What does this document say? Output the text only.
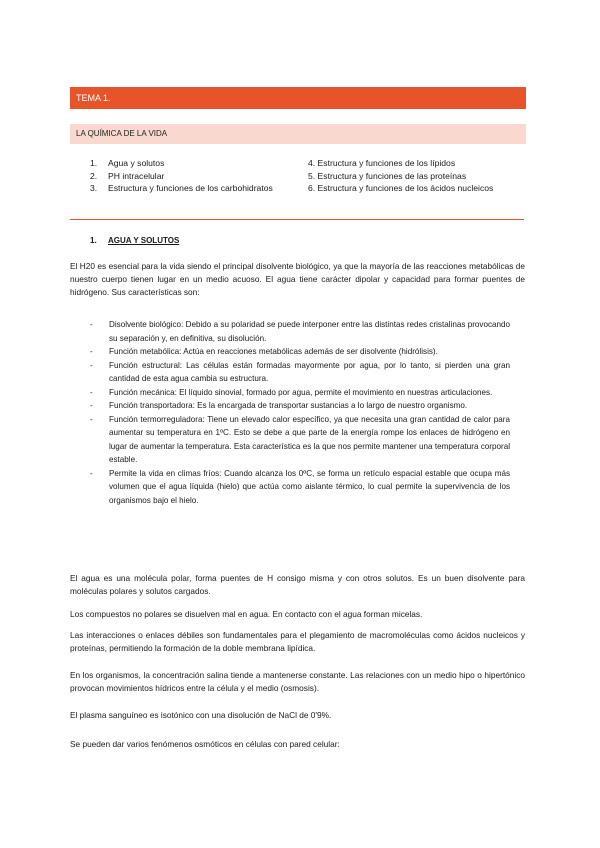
TEMA 1.
LA QUÍMICA DE LA VIDA
1. Agua y solutos
2. PH intracelular
3. Estructura y funciones de los carbohidratos
4. Estructura y funciones de los lípidos
5. Estructura y funciones de las proteínas
6. Estructura y funciones de los ácidos nucleicos
1. AGUA Y SOLUTOS
El H20 es esencial para la vida siendo el principal disolvente biológico, ya que la mayoría de las reacciones metabólicas de nuestro cuerpo tienen lugar en un medio acuoso. El agua tiene carácter dipolar y capacidad para formar puentes de hidrógeno. Sus características son:
- Disolvente biológico: Debido a su polaridad se puede interponer entre las distintas redes cristalinas provocando su separación y, en definitiva, su disolución.
- Función metabólica: Actúa en reacciones metabólicas además de ser disolvente (hidrólisis).
- Función estructural: Las células están formadas mayormente por agua, por lo tanto, si pierden una gran cantidad de esta agua cambia su estructura.
- Función mecánica: El líquido sinovial, formado por agua, permite el movimiento en nuestras articulaciones.
- Función transportadora: Es la encargada de transportar sustancias a lo largo de nuestro organismo.
- Función termorreguladora: Tiene un elevado calor específico, ya que necesita una gran cantidad de calor para aumentar su temperatura en 1ºC. Esto se debe a que parte de la energía rompe los enlaces de hidrógeno en lugar de aumentar la temperatura. Esta característica es la que nos permite mantener una temperatura corporal estable.
- Permite la vida en climas fríos: Cuando alcanza los 0ºC, se forma un retículo espacial estable que ocupa más volumen que el agua líquida (hielo) que actúa como aislante térmico, lo cual permite la supervivencia de los organismos bajo el hielo.
El agua es una molécula polar, forma puentes de H consigo misma y con otros solutos. Es un buen disolvente para moléculas polares y solutos cargados.
Los compuestos no polares se disuelven mal en agua. En contacto con el agua forman micelas.
Las interacciones o enlaces débiles son fundamentales para el plegamiento de macromoléculas como ácidos nucleicos y proteínas, permitiendo la formación de la doble membrana lipídica.
En los organismos, la concentración salina tiende a mantenerse constante. Las relaciones con un medio hipo o hipertónico provocan movimientos hídricos entre la célula y el medio (osmosis).
El plasma sanguíneo es isotónico con una disolución de NaCl de 0'9%.
Se pueden dar varios fenómenos osmóticos en células con pared celular:
